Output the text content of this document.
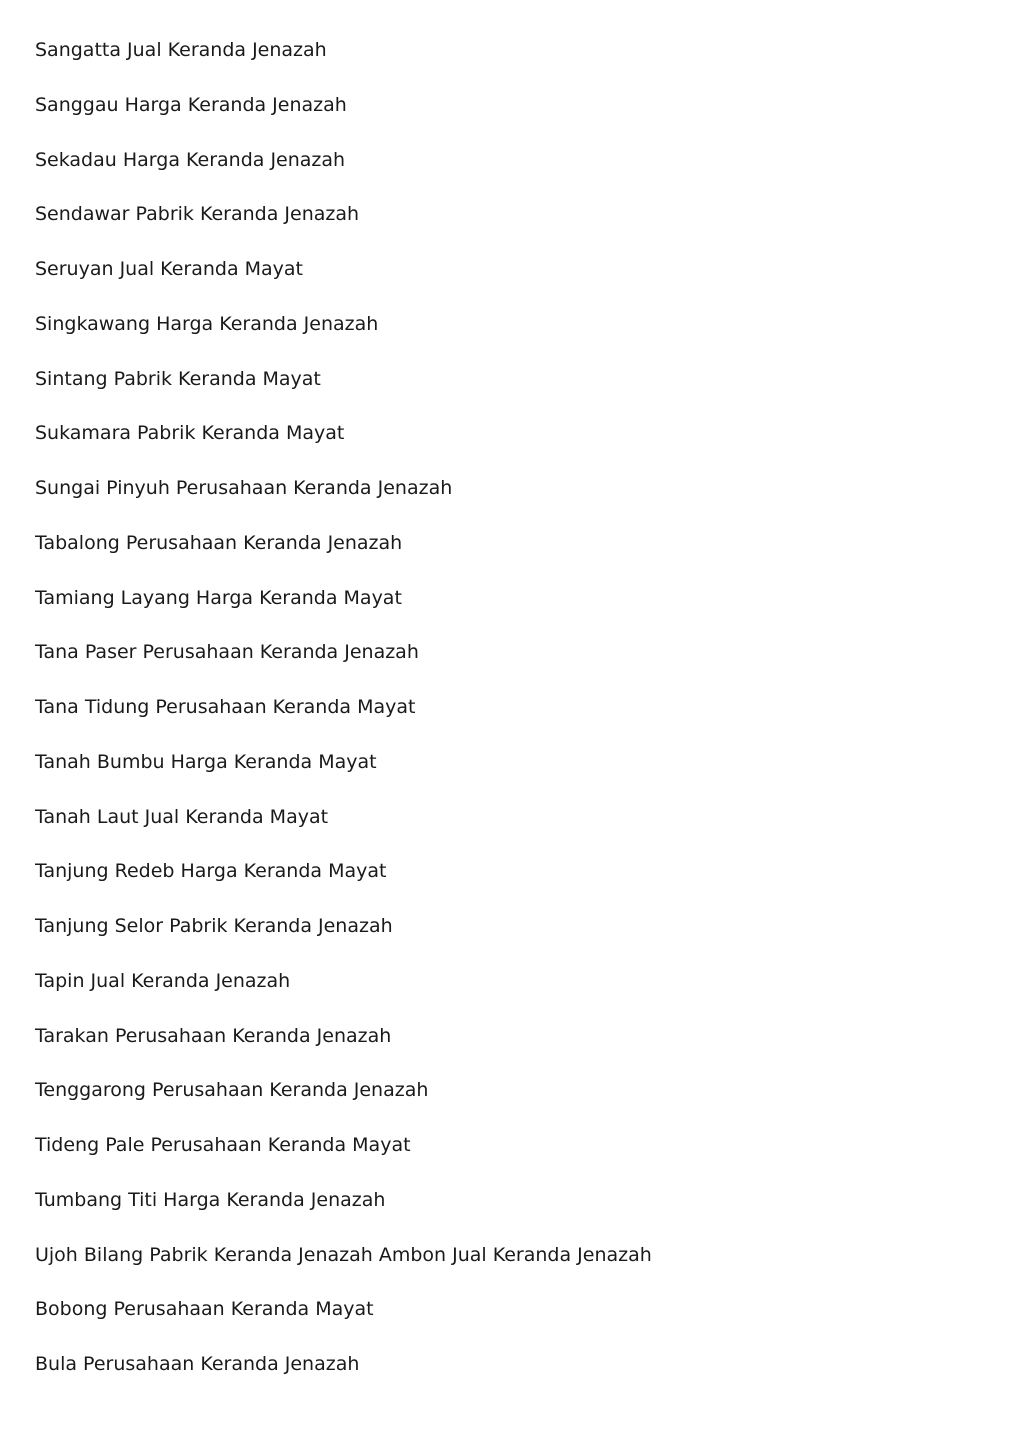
Sangatta Jual Keranda Jenazah
Sanggau Harga Keranda Jenazah
Sekadau Harga Keranda Jenazah
Sendawar Pabrik Keranda Jenazah
Seruyan Jual Keranda Mayat
Singkawang Harga Keranda Jenazah
Sintang Pabrik Keranda Mayat
Sukamara Pabrik Keranda Mayat
Sungai Pinyuh Perusahaan Keranda Jenazah
Tabalong Perusahaan Keranda Jenazah
Tamiang Layang Harga Keranda Mayat
Tana Paser Perusahaan Keranda Jenazah
Tana Tidung Perusahaan Keranda Mayat
Tanah Bumbu Harga Keranda Mayat
Tanah Laut Jual Keranda Mayat
Tanjung Redeb Harga Keranda Mayat
Tanjung Selor Pabrik Keranda Jenazah
Tapin Jual Keranda Jenazah
Tarakan Perusahaan Keranda Jenazah
Tenggarong Perusahaan Keranda Jenazah
Tideng Pale Perusahaan Keranda Mayat
Tumbang Titi Harga Keranda Jenazah
Ujoh Bilang Pabrik Keranda Jenazah Ambon Jual Keranda Jenazah
Bobong Perusahaan Keranda Mayat
Bula Perusahaan Keranda Jenazah
